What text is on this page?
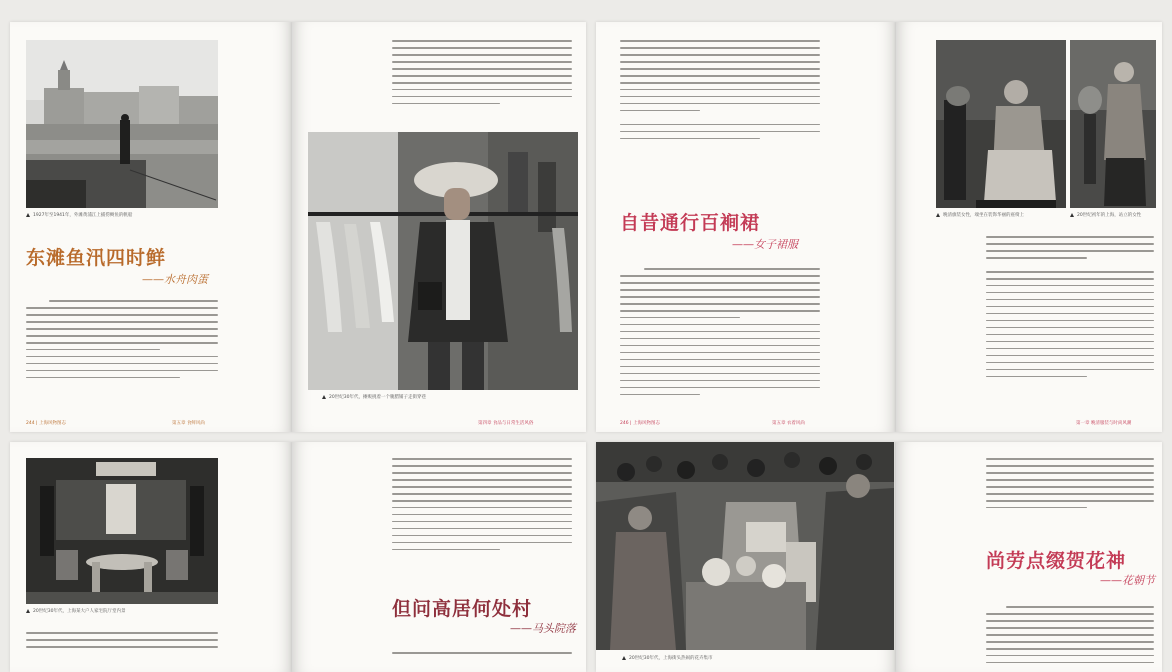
1927年至1941年，外滩黄浦江上捕捞鲥鱼的帆船
东滩鱼汛四时鲜
——水舟肉蛋
244 | 上海风物图志	第五章 食鲜风尚
20世纪30年代，摊贩挑着一个腌腊铺子走街穿巷
第四章 食品与日常生活风俗
自昔通行百裥裙
——女子裙服
246 | 上海风物图志	第五章 衣着风尚
晚清旗装女性，端坐在装饰华丽的座椅上	20世纪初年的上海，站立的女性
第一章 晚清服装与时尚风潮
20世纪30年代，上海某大户人家宅院厅堂内景	但问高居何处村
——马头院落
20世纪30年代，上海街头热闹的花卉集市
尚劳点缀贺花神
——花朝节
